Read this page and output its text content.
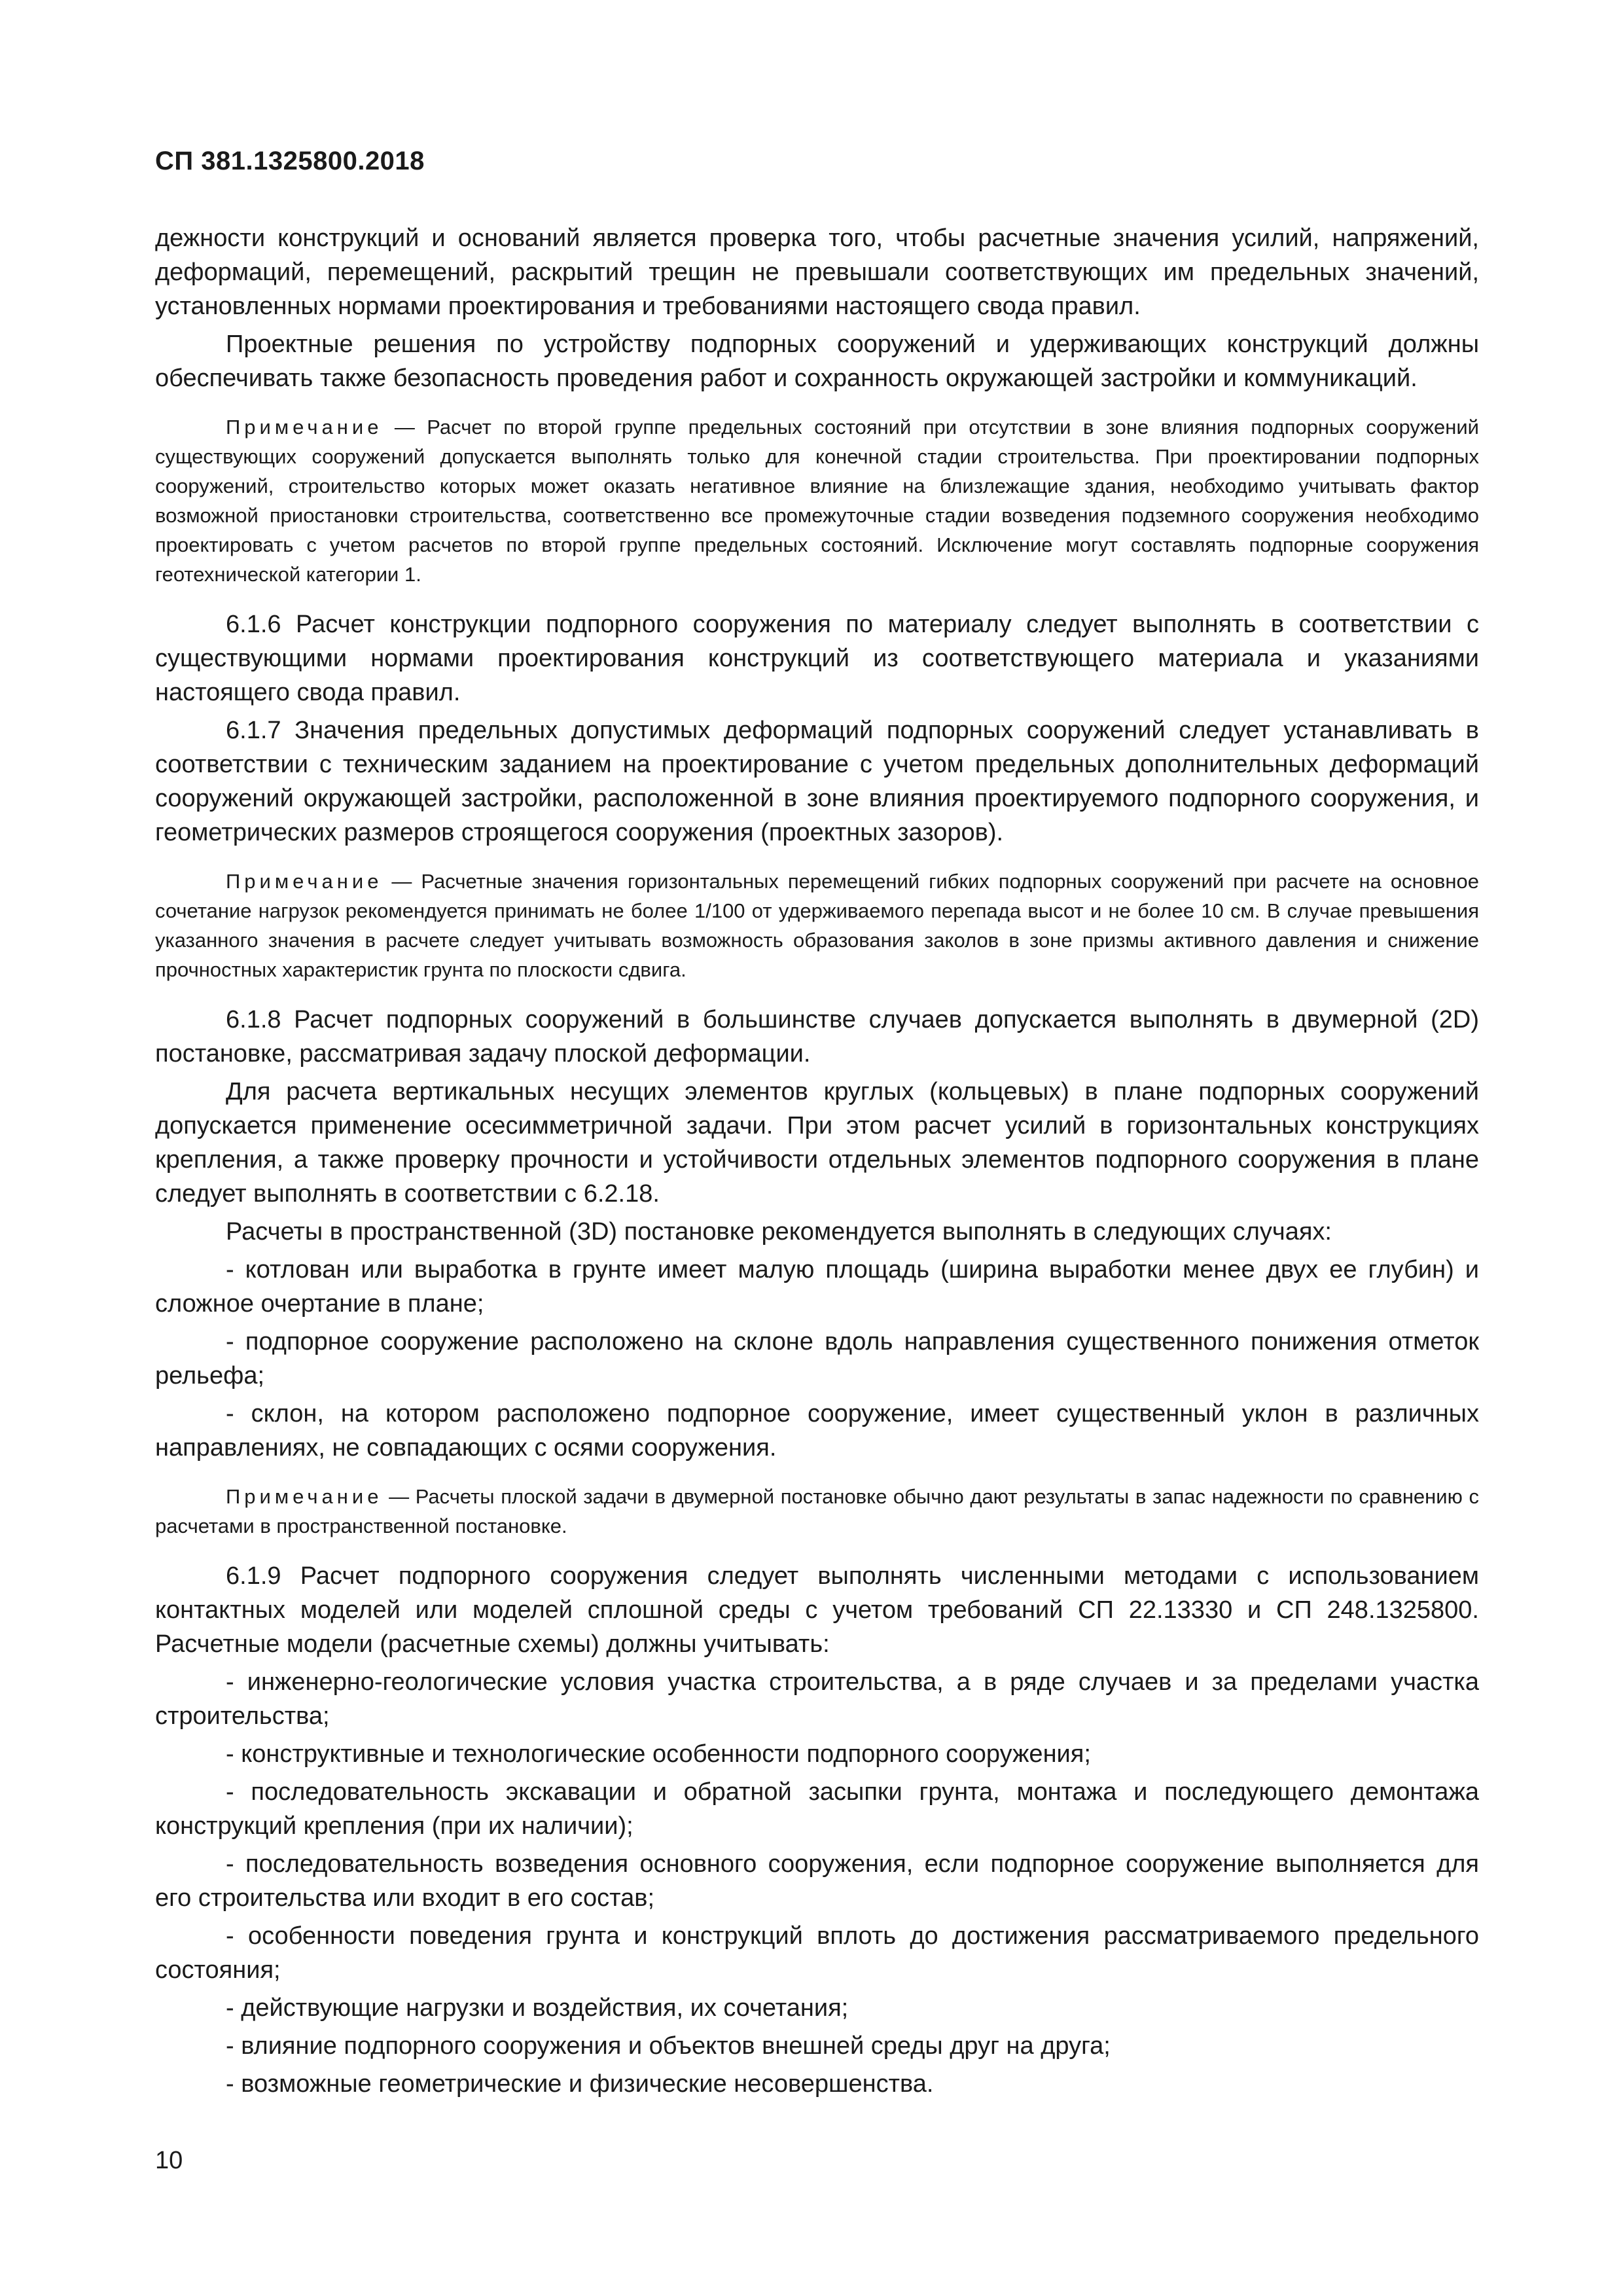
СП 381.1325800.2018

дежности конструкций и оснований является проверка того, чтобы расчетные значения усилий, напряжений, деформаций, перемещений, раскрытий трещин не превышали соответствующих им предельных значений, установленных нормами проектирования и требованиями настоящего свода правил.

Проектные решения по устройству подпорных сооружений и удерживающих конструкций должны обеспечивать также безопасность проведения работ и сохранность окружающей застройки и коммуникаций.

Примечание — Расчет по второй группе предельных состояний при отсутствии в зоне влияния подпорных сооружений существующих сооружений допускается выполнять только для конечной стадии строительства. При проектировании подпорных сооружений, строительство которых может оказать негативное влияние на близлежащие здания, необходимо учитывать фактор возможной приостановки строительства, соответственно все промежуточные стадии возведения подземного сооружения необходимо проектировать с учетом расчетов по второй группе предельных состояний. Исключение могут составлять подпорные сооружения геотехнической категории 1.

6.1.6 Расчет конструкции подпорного сооружения по материалу следует выполнять в соответствии с существующими нормами проектирования конструкций из соответствующего материала и указаниями настоящего свода правил.

6.1.7 Значения предельных допустимых деформаций подпорных сооружений следует устанавливать в соответствии с техническим заданием на проектирование с учетом предельных дополнительных деформаций сооружений окружающей застройки, расположенной в зоне влияния проектируемого подпорного сооружения, и геометрических размеров строящегося сооружения (проектных зазоров).

Примечание — Расчетные значения горизонтальных перемещений гибких подпорных сооружений при расчете на основное сочетание нагрузок рекомендуется принимать не более 1/100 от удерживаемого перепада высот и не более 10 см. В случае превышения указанного значения в расчете следует учитывать возможность образования заколов в зоне призмы активного давления и снижение прочностных характеристик грунта по плоскости сдвига.

6.1.8 Расчет подпорных сооружений в большинстве случаев допускается выполнять в двумерной (2D) постановке, рассматривая задачу плоской деформации.

Для расчета вертикальных несущих элементов круглых (кольцевых) в плане подпорных сооружений допускается применение осесимметричной задачи. При этом расчет усилий в горизонтальных конструкциях крепления, а также проверку прочности и устойчивости отдельных элементов подпорного сооружения в плане следует выполнять в соответствии с 6.2.18.

Расчеты в пространственной (3D) постановке рекомендуется выполнять в следующих случаях:

- котлован или выработка в грунте имеет малую площадь (ширина выработки менее двух ее глубин) и сложное очертание в плане;

- подпорное сооружение расположено на склоне вдоль направления существенного понижения отметок рельефа;

- склон, на котором расположено подпорное сооружение, имеет существенный уклон в различных направлениях, не совпадающих с осями сооружения.

Примечание — Расчеты плоской задачи в двумерной постановке обычно дают результаты в запас надежности по сравнению с расчетами в пространственной постановке.

6.1.9 Расчет подпорного сооружения следует выполнять численными методами с использованием контактных моделей или моделей сплошной среды с учетом требований СП 22.13330 и СП 248.1325800. Расчетные модели (расчетные схемы) должны учитывать:

- инженерно-геологические условия участка строительства, а в ряде случаев и за пределами участка строительства;

- конструктивные и технологические особенности подпорного сооружения;

- последовательность экскавации и обратной засыпки грунта, монтажа и последующего демонтажа конструкций крепления (при их наличии);

- последовательность возведения основного сооружения, если подпорное сооружение выполняется для его строительства или входит в его состав;

- особенности поведения грунта и конструкций вплоть до достижения рассматриваемого предельного состояния;

- действующие нагрузки и воздействия, их сочетания;

- влияние подпорного сооружения и объектов внешней среды друг на друга;

- возможные геометрические и физические несовершенства.

10
